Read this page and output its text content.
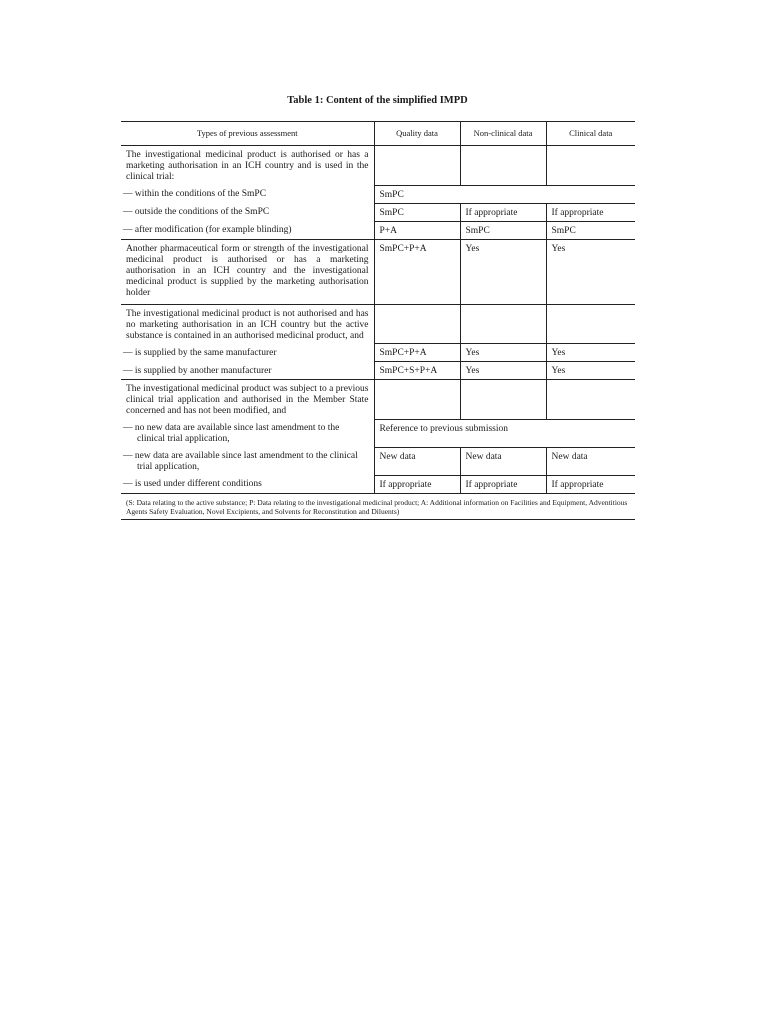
Table 1: Content of the simplified IMPD
Types of previous assessment	Quality data	Non-clinical data	Clinical data
The investigational medicinal product is authorised or has a marketing authorisation in an ICH country and is used in the clinical trial:			
— within the conditions of the SmPC	SmPC		
— outside the conditions of the SmPC	SmPC	If appropriate	If appropriate
— after modification (for example blinding)	P+A	SmPC	SmPC
Another pharmaceutical form or strength of the investigational medicinal product is authorised or has a marketing authorisation in an ICH country and the investigational medicinal product is supplied by the marketing authorisation holder	SmPC+P+A	Yes	Yes
The investigational medicinal product is not authorised and has no marketing authorisation in an ICH country but the active substance is contained in an authorised medicinal product, and			
— is supplied by the same manufacturer	SmPC+P+A	Yes	Yes
— is supplied by another manufacturer	SmPC+S+P+A	Yes	Yes
The investigational medicinal product was subject to a previous clinical trial application and authorised in the Member State concerned and has not been modified, and			
— no new data are available since last amendment to the clinical trial application,	Reference to previous submission		
— new data are available since last amendment to the clinical trial application,	New data	New data	New data
— is used under different conditions	If appropriate	If appropriate	If appropriate
(S: Data relating to the active substance; P: Data relating to the investigational medicinal product; A: Additional information on Facilities and Equipment, Adventitious Agents Safety Evaluation, Novel Excipients, and Solvents for Reconstitution and Diluents)			
